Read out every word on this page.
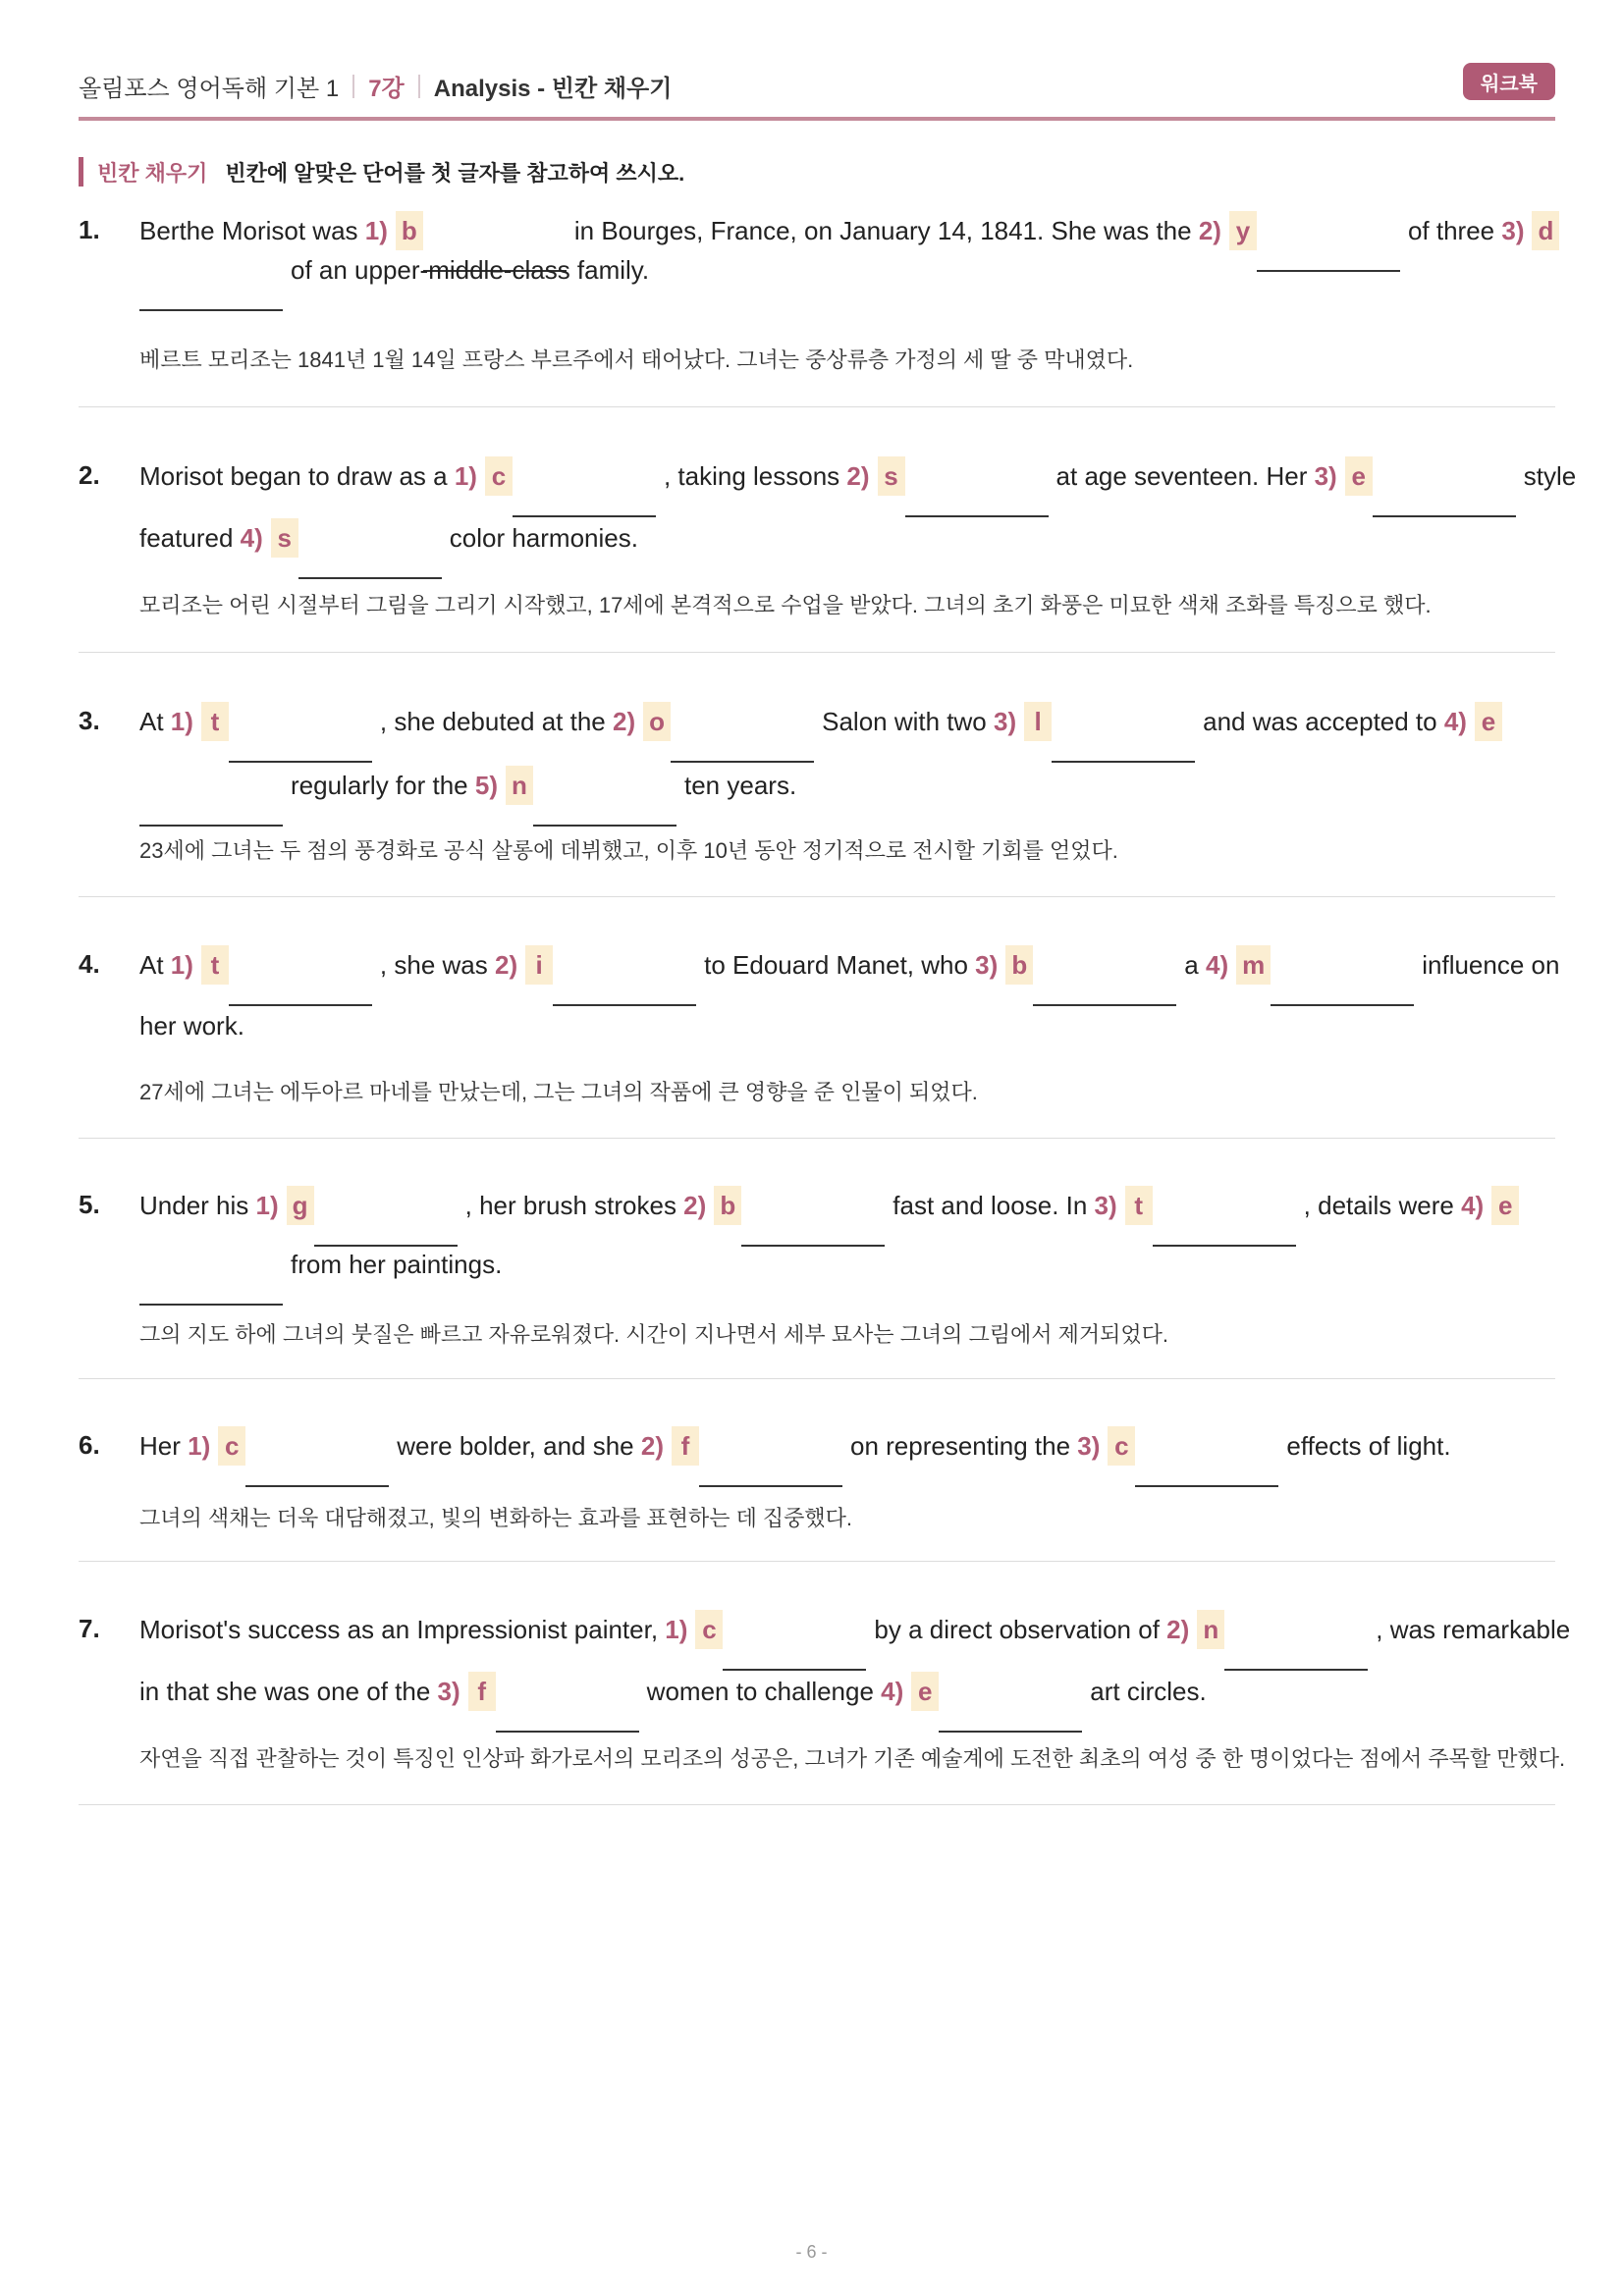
올림포스 영어독해 기본 1 7강 Analysis - 빈칸 채우기	워크북
빈칸 채우기 빈칸에 알맞은 단어를 첫 글자를 참고하여 쓰시오.
1. Berthe Morisot was 1) b	in Bourges, France, on January 14, 1841. She was the 2) y	of three 3) d
of an upper-middle-class family.
베르트 모리조는 1841년 1월 14일 프랑스 부르주에서 태어났다. 그녀는 중상류층 가정의 세 딸 중 막내였다.
2. Morisot began to draw as a 1) c	, taking lessons 2) s	at age seventeen. Her 3) e	style
featured 4) s	color harmonies.
모리조는 어린 시절부터 그림을 그리기 시작했고, 17세에 본격적으로 수업을 받았다. 그녀의 초기 화풍은 미묘한 색채 조화를 특징으로 했다.
3. At 1) t	, she debuted at the 2) o	Salon with two 3) l	and was accepted to 4) e
regularly for the 5) n	ten years.
23세에 그녀는 두 점의 풍경화로 공식 살롱에 데뷔했고, 이후 10년 동안 정기적으로 전시할 기회를 얻었다.
4. At 1) t	, she was 2) i	to Edouard Manet, who 3) b	a 4) m	influence on
her work.
27세에 그녀는 에두아르 마네를 만났는데, 그는 그녀의 작품에 큰 영향을 준 인물이 되었다.
5. Under his 1) g	, her brush strokes 2) b	fast and loose. In 3) t	, details were 4) e
from her paintings.
그의 지도 하에 그녀의 붓질은 빠르고 자유로워졌다. 시간이 지나면서 세부 묘사는 그녀의 그림에서 제거되었다.
6. Her 1) c	were bolder, and she 2) f	on representing the 3) c	effects of light.
그녀의 색채는 더욱 대담해졌고, 빛의 변화하는 효과를 표현하는 데 집중했다.
7. Morisot's success as an Impressionist painter, 1) c	by a direct observation of 2) n	, was remarkable
in that she was one of the 3) f	women to challenge 4) e	art circles.
자연을 직접 관찰하는 것이 특징인 인상파 화가로서의 모리조의 성공은, 그녀가 기존 예술계에 도전한 최초의 여성 중 한 명이었다는 점에서 주목할 만했다.
- 6 -
